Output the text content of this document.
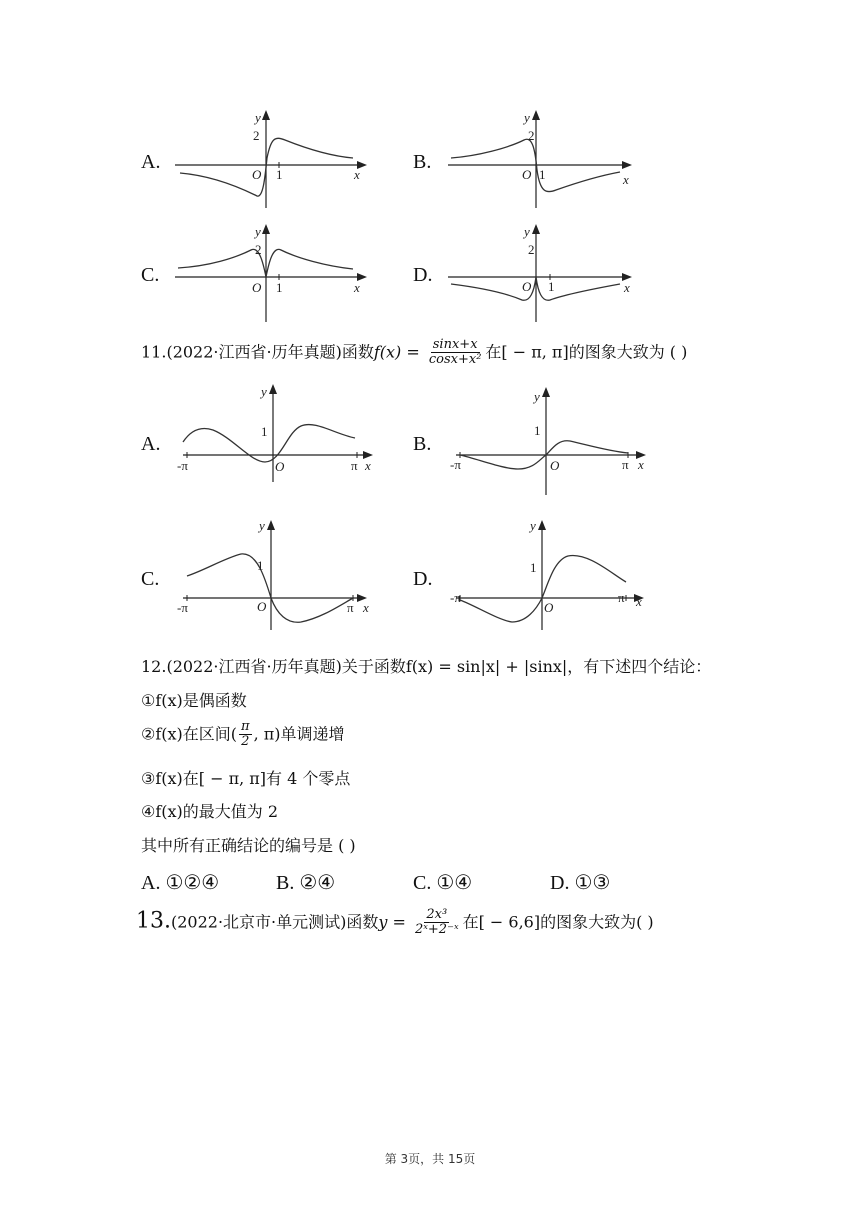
A.
2
O 1	x
y
B.
2
O 1	x
y
C.
2
O 1	x
y
D.
2
O 1	x
y
11.(2022·江西省·历年真题)函数$f(x) = \frac{\sin x+x}{\text{cosx+x²}}$ 在[ − π, π]的图象大致为 ( )
A.
1
-π	O	π x
y
B.
1
-π	O	π x
y
C.
1
-π	O	π x
y
D.
1
-π
O
π x
y
12.(2022·江西省·历年真题)关于函数f(x) = sin|x| + |sinx|，有下述四个结论：
①f(x)是偶函数
②f(x)在区间( $\frac{\pi}{2}$ , π)单调递增
③f(x)在[ − π, π]有 4 个零点
④f(x)的最大值为 2
其中所有正确结论的编号是 ( )
A. ①②④	B. ②④	C. ①④	D. ①③
13.(2022·北京市·单元测试)函数$y = \frac{\text{2x³}}{\text{2ˣ+2⁻ˣ}}$ 在[ − 6,6]的图象大致为( )
第 3页，共 15页
